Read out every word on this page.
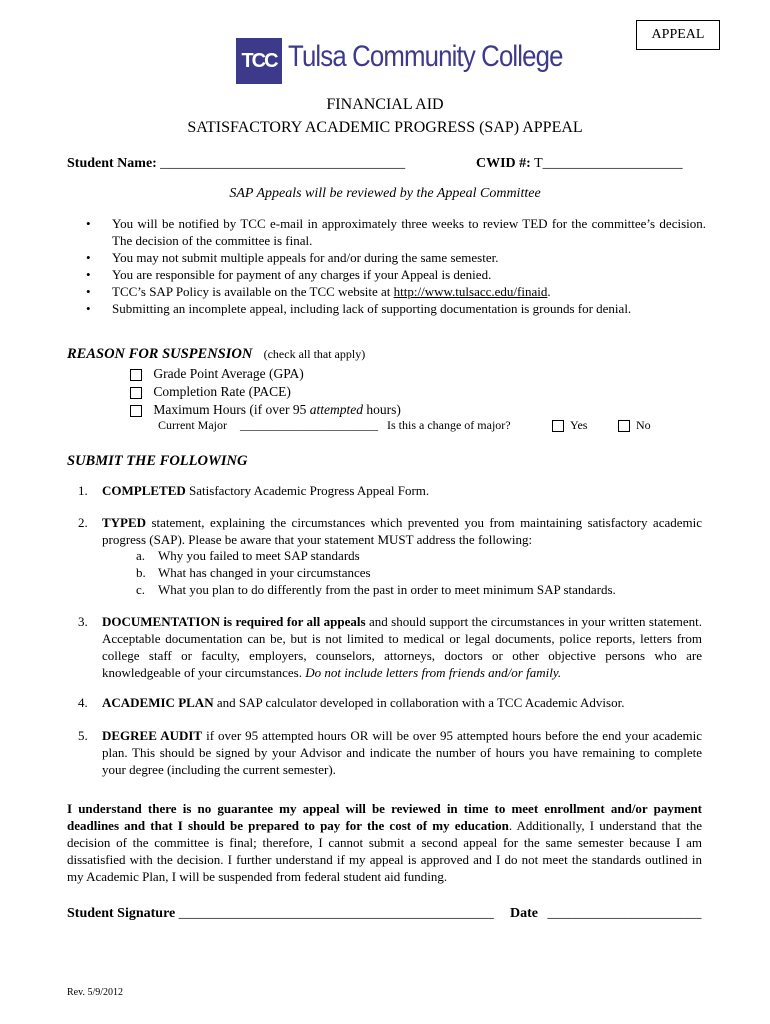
APPEAL
TCC Tulsa Community College
FINANCIAL AID
SATISFACTORY ACADEMIC PROGRESS (SAP) APPEAL
Student Name: ___________________________________	CWID #: T____________________
SAP Appeals will be reviewed by the Appeal Committee
• You will be notified by TCC e-mail in approximately three weeks to review TED for the committee’s decision. The decision of the committee is final.
• You may not submit multiple appeals for and/or during the same semester.
• You are responsible for payment of any charges if your Appeal is denied.
• TCC’s SAP Policy is available on the TCC website at http://www.tulsacc.edu/finaid.
• Submitting an incomplete appeal, including lack of supporting documentation is grounds for denial.
REASON FOR SUSPENSION (check all that apply)
Grade Point Average (GPA)
Completion Rate (PACE)
Maximum Hours (if over 95 attempted hours)
Current Major _______________________ Is this a change of major?	Yes	No
SUBMIT THE FOLLOWING
1. COMPLETED Satisfactory Academic Progress Appeal Form.
2. TYPED statement, explaining the circumstances which prevented you from maintaining satisfactory academic progress (SAP). Please be aware that your statement MUST address the following:
a. Why you failed to meet SAP standards
b. What has changed in your circumstances
c. What you plan to do differently from the past in order to meet minimum SAP standards.
3. DOCUMENTATION is required for all appeals and should support the circumstances in your written statement. Acceptable documentation can be, but is not limited to medical or legal documents, police reports, letters from college staff or faculty, employers, counselors, attorneys, doctors or other objective persons who are knowledgeable of your circumstances. Do not include letters from friends and/or family.
4. ACADEMIC PLAN and SAP calculator developed in collaboration with a TCC Academic Advisor.
5. DEGREE AUDIT if over 95 attempted hours OR will be over 95 attempted hours before the end your academic plan. This should be signed by your Advisor and indicate the number of hours you have remaining to complete your degree (including the current semester).
I understand there is no guarantee my appeal will be reviewed in time to meet enrollment and/or payment deadlines and that I should be prepared to pay for the cost of my education. Additionally, I understand that the decision of the committee is final; therefore, I cannot submit a second appeal for the same semester because I am dissatisfied with the decision. I further understand if my appeal is approved and I do not meet the standards outlined in my Academic Plan, I will be suspended from federal student aid funding.
Student Signature _____________________________________________ Date ______________________
Rev. 5/9/2012
